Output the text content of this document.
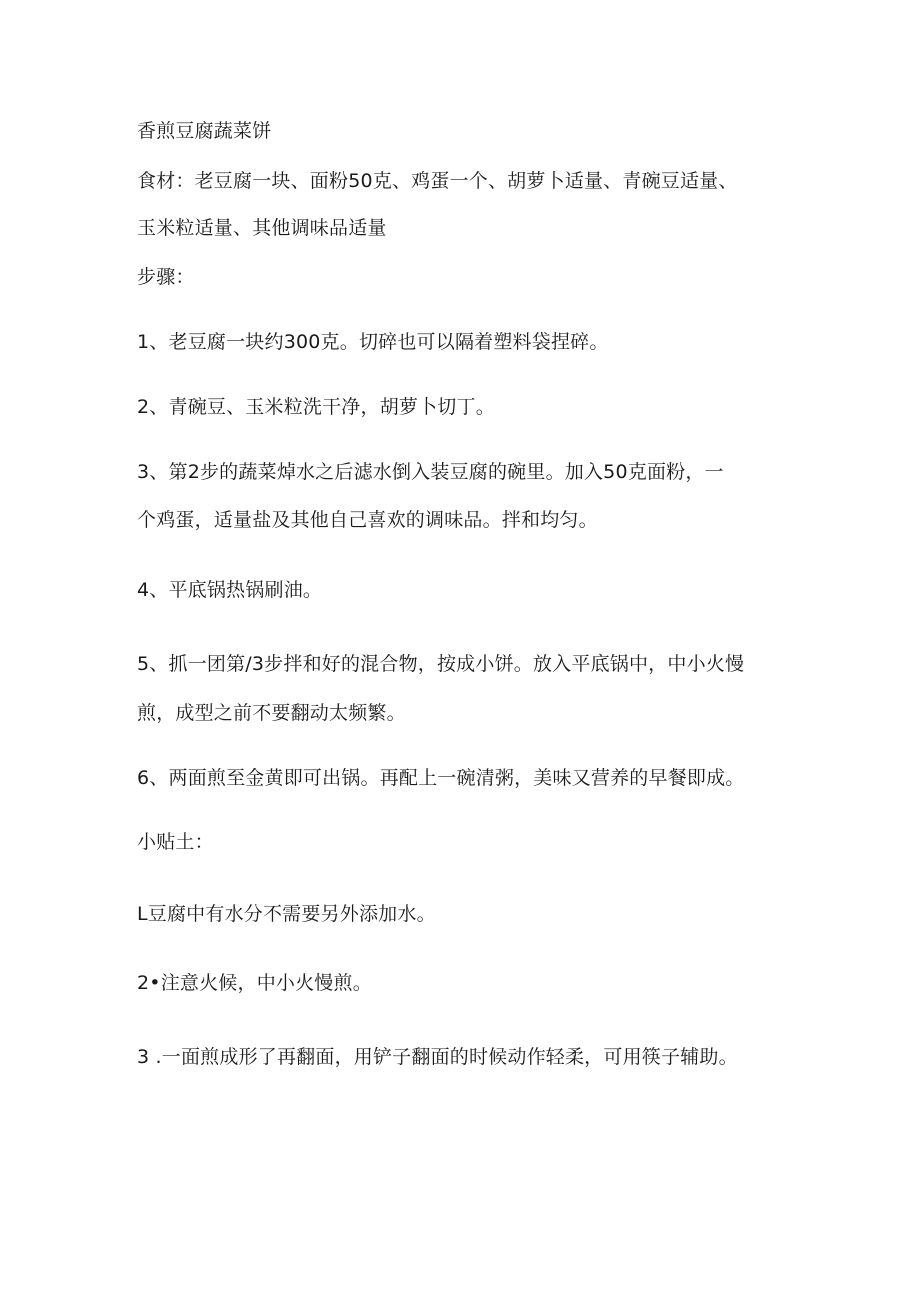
香煎豆腐蔬菜饼
食材：老豆腐一块、面粉50克、鸡蛋一个、胡萝卜适量、青碗豆适量、
玉米粒适量、其他调味品适量
步骤：
1、老豆腐一块约300克。切碎也可以隔着塑料袋捏碎。
2、青碗豆、玉米粒洗干净，胡萝卜切丁。
3、第2步的蔬菜焯水之后滤水倒入装豆腐的碗里。加入50克面粉，一
个鸡蛋，适量盐及其他自己喜欢的调味品。拌和均匀。
4、平底锅热锅刷油。
5、抓一团第/3步拌和好的混合物，按成小饼。放入平底锅中，中小火慢
煎，成型之前不要翻动太频繁。
6、两面煎至金黄即可出锅。再配上一碗清粥，美味又营养的早餐即成。
小贴土：
L豆腐中有水分不需要另外添加水。
2•注意火候，中小火慢煎。
3 .一面煎成形了再翻面，用铲子翻面的时候动作轻柔，可用筷子辅助。
